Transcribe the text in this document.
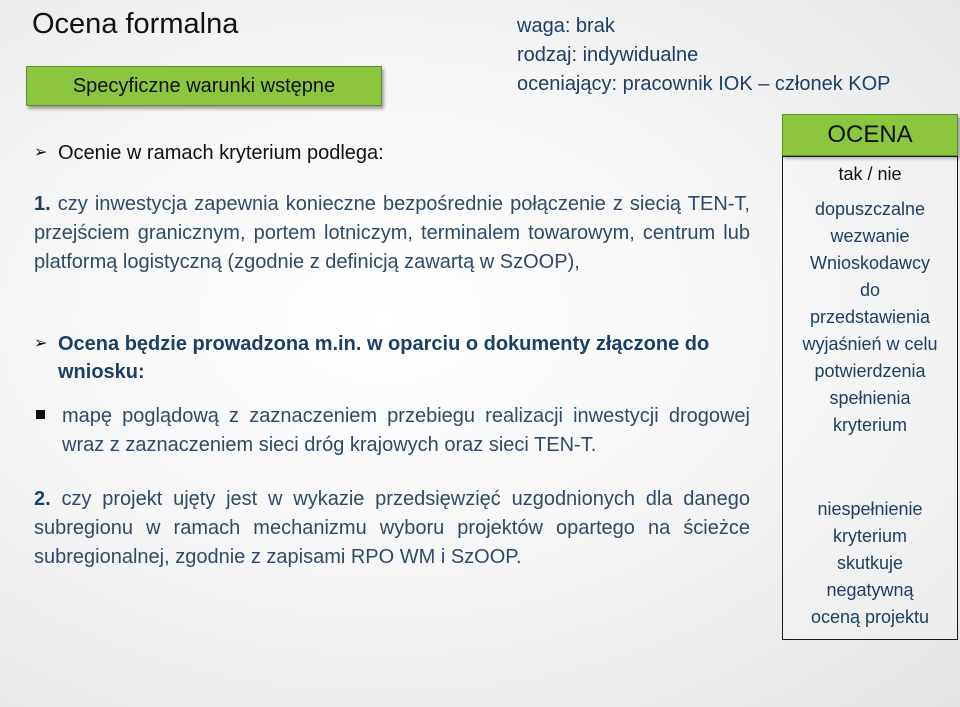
Ocena formalna
Specyficzne warunki wstępne
waga: brak
rodzaj: indywidualne
oceniający: pracownik IOK – członek KOP
➢ Ocenie w ramach kryterium podlega:
1. czy inwestycja zapewnia konieczne bezpośrednie połączenie z siecią TEN-T, przejściem granicznym, portem lotniczym, terminalem towarowym, centrum lub platformą logistyczną (zgodnie z definicją zawartą w SzOOP),
➢ Ocena będzie prowadzona m.in. w oparciu o dokumenty złączone do
wniosku:
mapę poglądową z zaznaczeniem przebiegu realizacji inwestycji drogowej wraz z zaznaczeniem sieci dróg krajowych oraz sieci TEN-T.
2. czy projekt ujęty jest w wykazie przedsięwzięć uzgodnionych dla danego subregionu w ramach mechanizmu wyboru projektów opartego na ścieżce subregionalnej, zgodnie z zapisami RPO WM i SzOOP.
OCENA
tak / nie
dopuszczalne wezwanie Wnioskodawcy do przedstawienia wyjaśnień w celu potwierdzenia spełnienia kryterium
niespełnienie kryterium skutkuje negatywną oceną projektu
